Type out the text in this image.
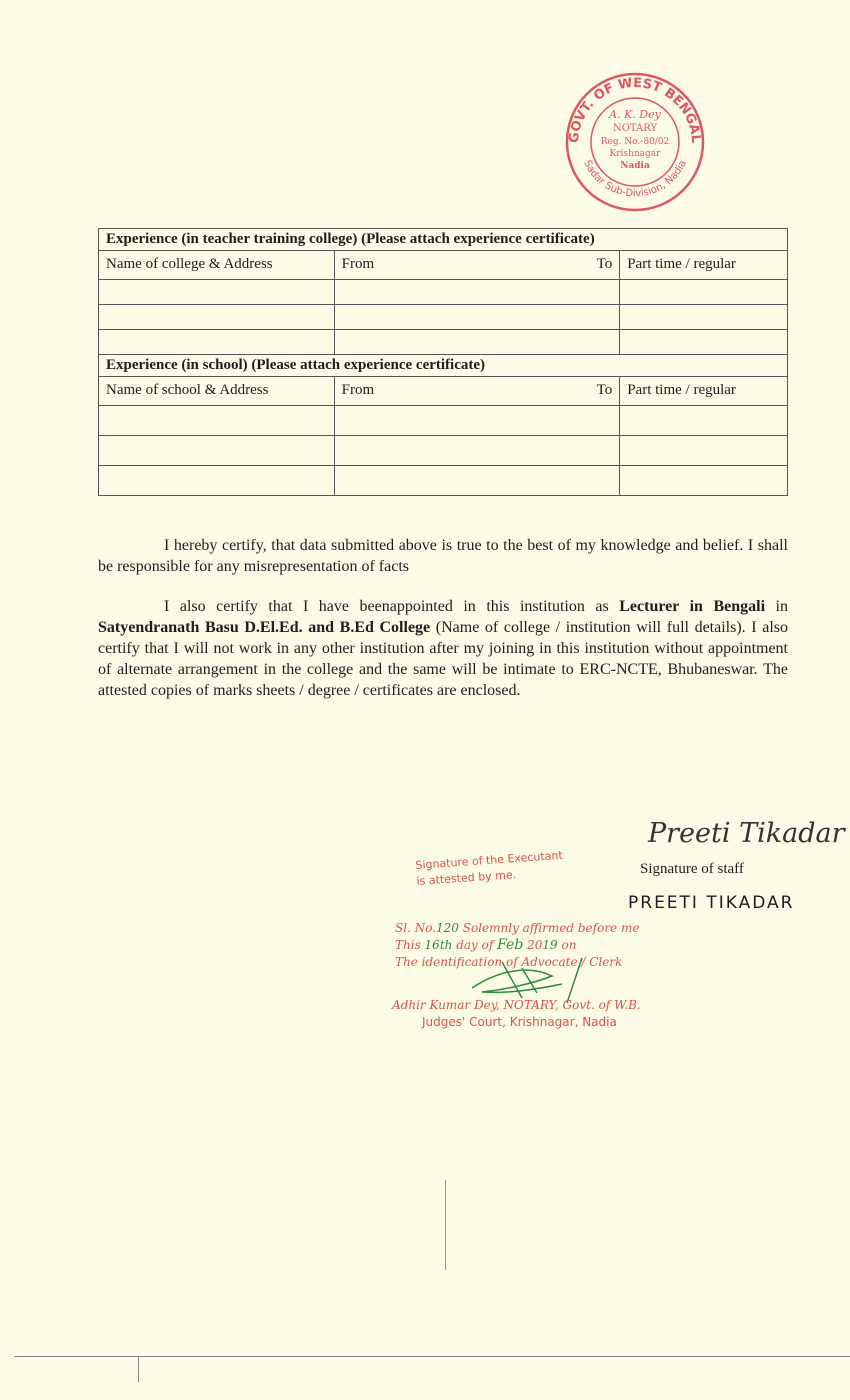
GOVT. OF WEST BENGAL
Sadar Sub-Division, Nadia
A. K. Dey
NOTARY
Reg. No.-80/02
Krishnagar
Nadia
Experience (in teacher training college) (Please attach experience certificate)		
Name of college & Address	From To	Part time / regular

Experience (in school) (Please attach experience certificate)		
Name of school & Address	From To	Part time / regular

I hereby certify, that data submitted above is true to the best of my knowledge and belief. I shall be responsible for any misrepresentation of facts
I also certify that I have beenappointed in this institution as Lecturer in Bengali in Satyendranath Basu D.El.Ed. and B.Ed College (Name of college / institution will full details). I also certify that I will not work in any other institution after my joining in this institution without appointment of alternate arrangement in the college and the same will be intimate to ERC-NCTE, Bhubaneswar. The attested copies of marks sheets / degree / certificates are enclosed.
Preeti Tikadar
Signature of staff
PREETI TIKADAR
Signature of the Executant
is attested by me.
Sl. No.120 Solemnly affirmed before me
This 16th day of Feb 2019 on
The identification of Advocate / Clerk
Adhir Kumar Dey, NOTARY, Govt. of W.B.
Judges' Court, Krishnagar, Nadia
